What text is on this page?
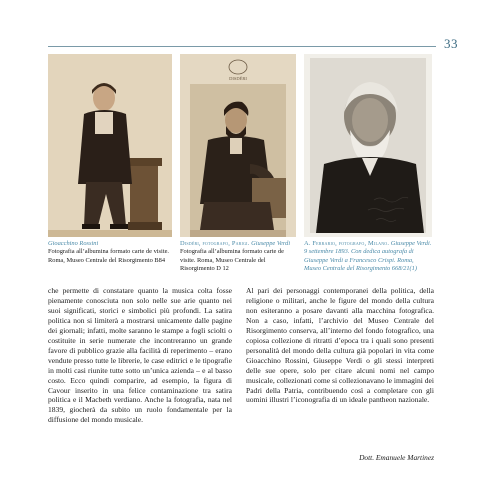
33
DISDÉRI
Gioacchino Rossini
Fotografia all’albumina formato carte de visite. Roma, Museo Centrale del Risorgimento B84
Disdéri, fotografo, Parigi. Giuseppe Verdi
Fotografia all’albumina formato carte de visite. Roma, Museo Centrale del Risorgimento D 12
A. Ferrario, fotografo, Milano. Giuseppe Verdi. 9 settembre 1893. Con dedica autografa di Giuseppe Verdi a Francesco Crispi. Roma, Museo Centrale del Risorgimento 668/21(1)

che permette di constatare quanto la musica colta fosse pienamente conosciuta non solo nelle sue arie quanto nei suoi significati, storici e simbolici più profondi. La satira politica non si limiterà a mostrarsi unicamente dalle pagine dei giornali; infatti, molte saranno le stampe a fogli sciolti o costituite in serie numerate che incontreranno un grande favore di pubblico grazie alla facilità di reperimento – erano vendute presso tutte le librerie, le case editrici e le tipografie in molti casi riunite tutte sotto un’unica azienda – e al basso costo. Ecco quindi comparire, ad esempio, la figura di Cavour inserito in una felice contaminazione tra satira politica e il Macbeth verdiano. Anche la fotografia, nata nel 1839, giocherà da subito un ruolo fondamentale per la diffusione del mondo musicale.

Al pari dei personaggi contemporanei della politica, della religione o militari, anche le figure del mondo della cultura non esiteranno a posare davanti alla macchina fotografica. Non a caso, infatti, l’archivio del Museo Centrale del Risorgimento conserva, all’interno del fondo fotografico, una copiosa collezione di ritratti d’epoca tra i quali sono presenti personalità del mondo della cultura già popolari in vita come Gioacchino Rossini, Giuseppe Verdi o gli stessi interpreti delle sue opere, solo per citare alcuni nomi nel campo musicale, collezionati come si collezionavano le immagini dei Padri della Patria, contribuendo così a completare con gli uomini illustri l’iconografia di un ideale pantheon nazionale.

Dott. Emanuele Martinez
